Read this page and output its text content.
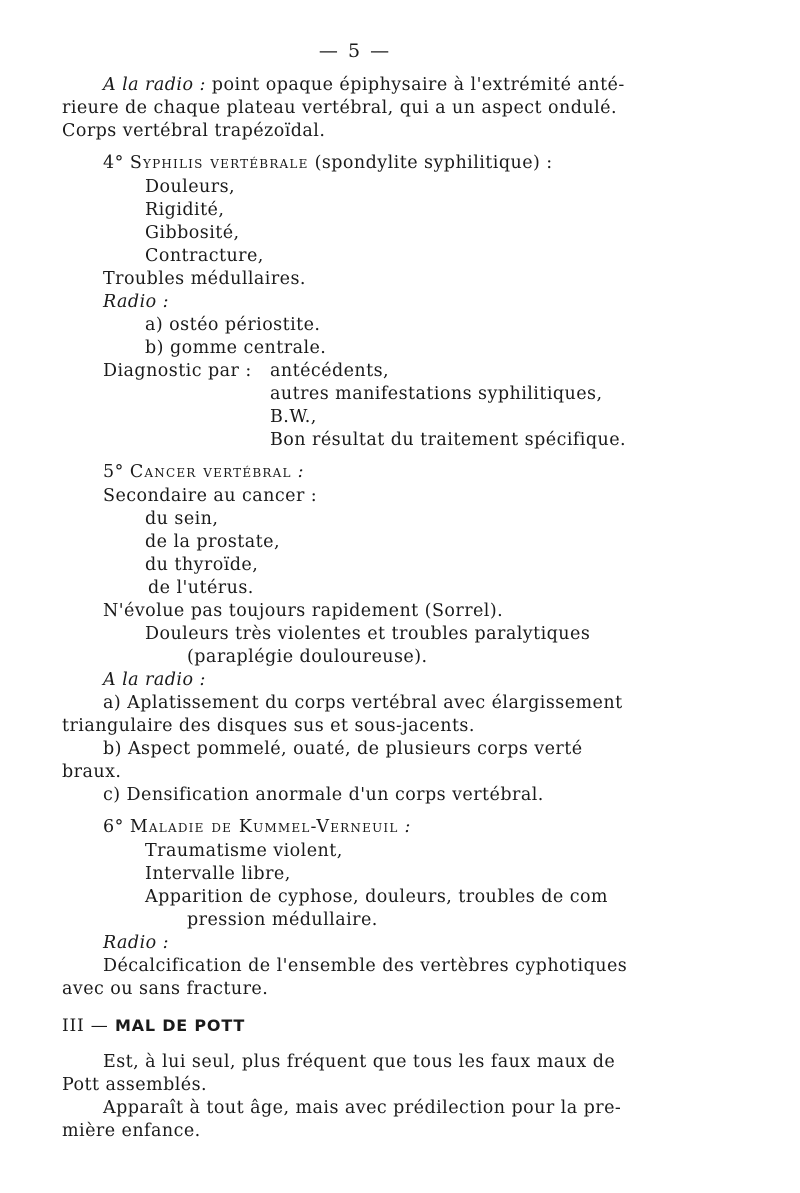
— 5 —
A la radio : point opaque épiphysaire à l'extrémité anté-
rieure de chaque plateau vertébral, qui a un aspect ondulé.
Corps vertébral trapézoïdal.
4° Syphilis vertébrale (spondylite syphilitique) :
Douleurs,
Rigidité,
Gibbosité,
Contracture,
Troubles médullaires.
Radio :
a) ostéo périostite.
b) gomme centrale.
Diagnostic par : antécédents,
autres manifestations syphilitiques,
B.W.,
Bon résultat du traitement spécifique.
5° Cancer vertébral :
Secondaire au cancer :
du sein,
de la prostate,
du thyroïde,
de l'utérus.
N'évolue pas toujours rapidement (Sorrel).
Douleurs très violentes et troubles paralytiques
(paraplégie douloureuse).
A la radio :
a) Aplatissement du corps vertébral avec élargissement
triangulaire des disques sus et sous-jacents.
b) Aspect pommelé, ouaté, de plusieurs corps verté
braux.
c) Densification anormale d'un corps vertébral.
6° Maladie de Kummel-Verneuil :
Traumatisme violent,
Intervalle libre,
Apparition de cyphose, douleurs, troubles de com
pression médullaire.
Radio :
Décalcification de l'ensemble des vertèbres cyphotiques
avec ou sans fracture.
III — MAL DE POTT
Est, à lui seul, plus fréquent que tous les faux maux de
Pott assemblés.
Apparaît à tout âge, mais avec prédilection pour la pre-
mière enfance.
